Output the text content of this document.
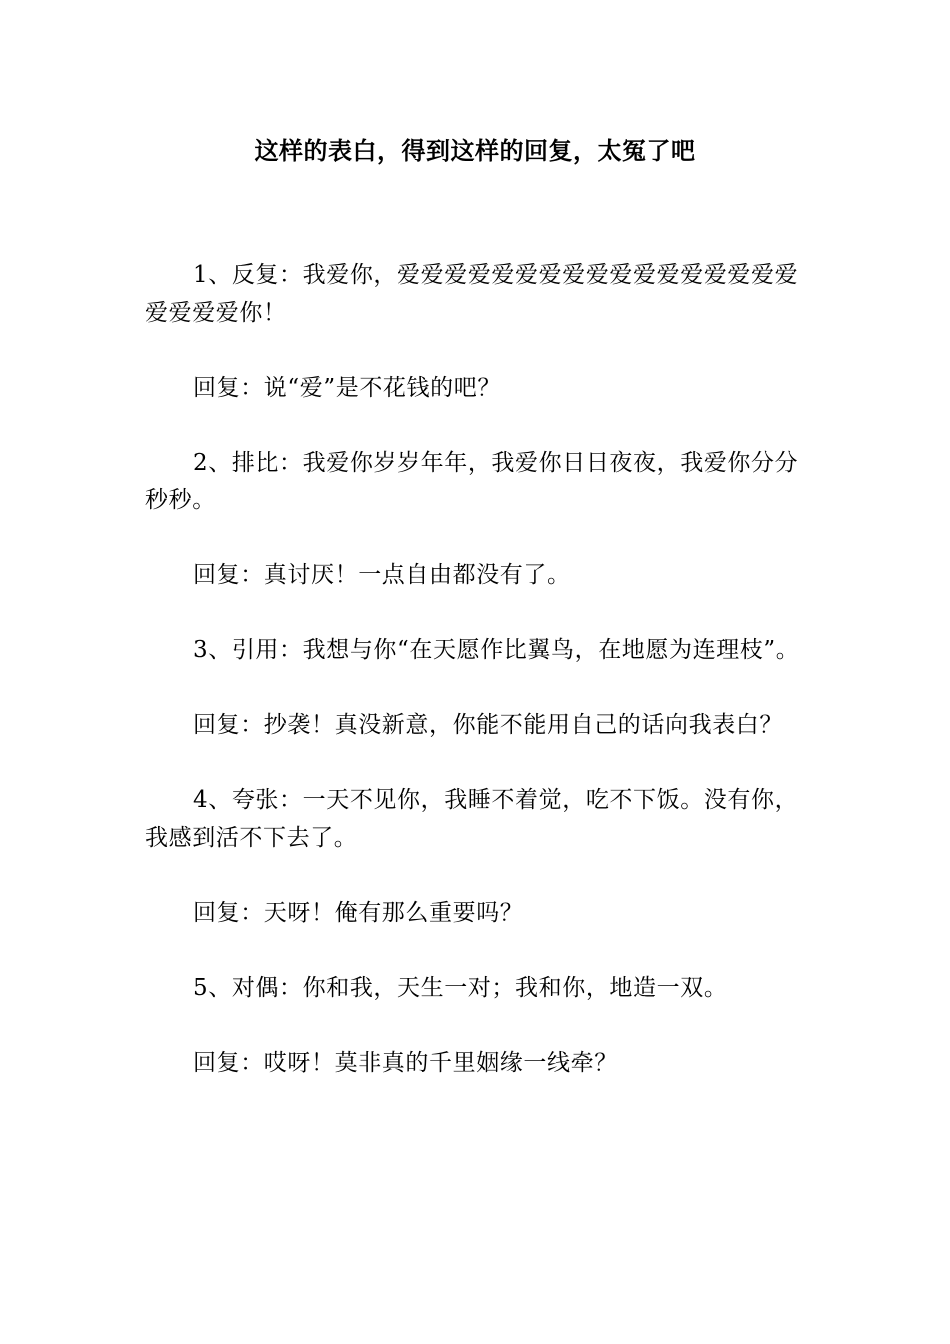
这样的表白，得到这样的回复，太冤了吧

1、反复：我爱你，爱爱爱爱爱爱爱爱爱爱爱爱爱爱爱爱爱爱爱爱爱你！

回复：说“爱”是不花钱的吧？

2、排比：我爱你岁岁年年，我爱你日日夜夜，我爱你分分秒秒。

回复：真讨厌！一点自由都没有了。

3、引用：我想与你“在天愿作比翼鸟，在地愿为连理枝”。

回复：抄袭！真没新意，你能不能用自己的话向我表白？

4、夸张：一天不见你，我睡不着觉，吃不下饭。没有你，我感到活不下去了。

回复：天呀！俺有那么重要吗？

5、对偶：你和我，天生一对；我和你，地造一双。

回复：哎呀！莫非真的千里姻缘一线牵？
